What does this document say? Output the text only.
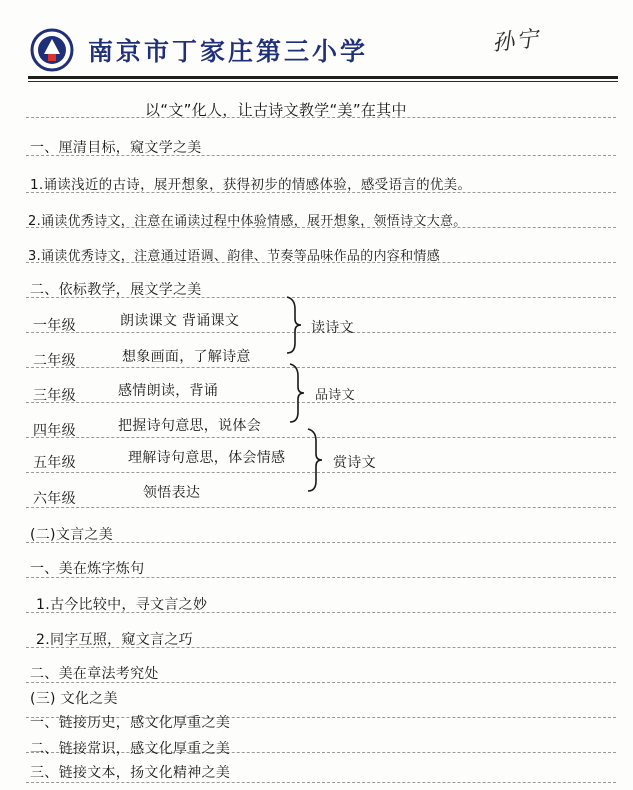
南京市丁家庄第三小学	孙宁
以“文”化人，让古诗文教学“美”在其中
一、厘清目标，窥文学之美
1.诵读浅近的古诗，展开想象，获得初步的情感体验，感受语言的优美。
2.诵读优秀诗文，注意在诵读过程中体验情感，展开想象，领悟诗文大意。
3.诵读优秀诗文，注意通过语调、韵律、节奏等品味作品的内容和情感
二、依标教学，展文学之美
一年级	朗读课文 背诵课文
二年级	想象画面，了解诗意
三年级	感情朗读，背诵
四年级	把握诗句意思，说体会
五年级	理解诗句意思，体会情感
六年级	领悟表达
读诗文
品诗文
赏诗文
(二)文言之美
一、美在炼字炼句
1.古今比较中，寻文言之妙
2.同字互照，窥文言之巧
二、美在章法考究处
(三) 文化之美
一、链接历史，感文化厚重之美
二、链接常识，感文化厚重之美
三、链接文本，扬文化精神之美
